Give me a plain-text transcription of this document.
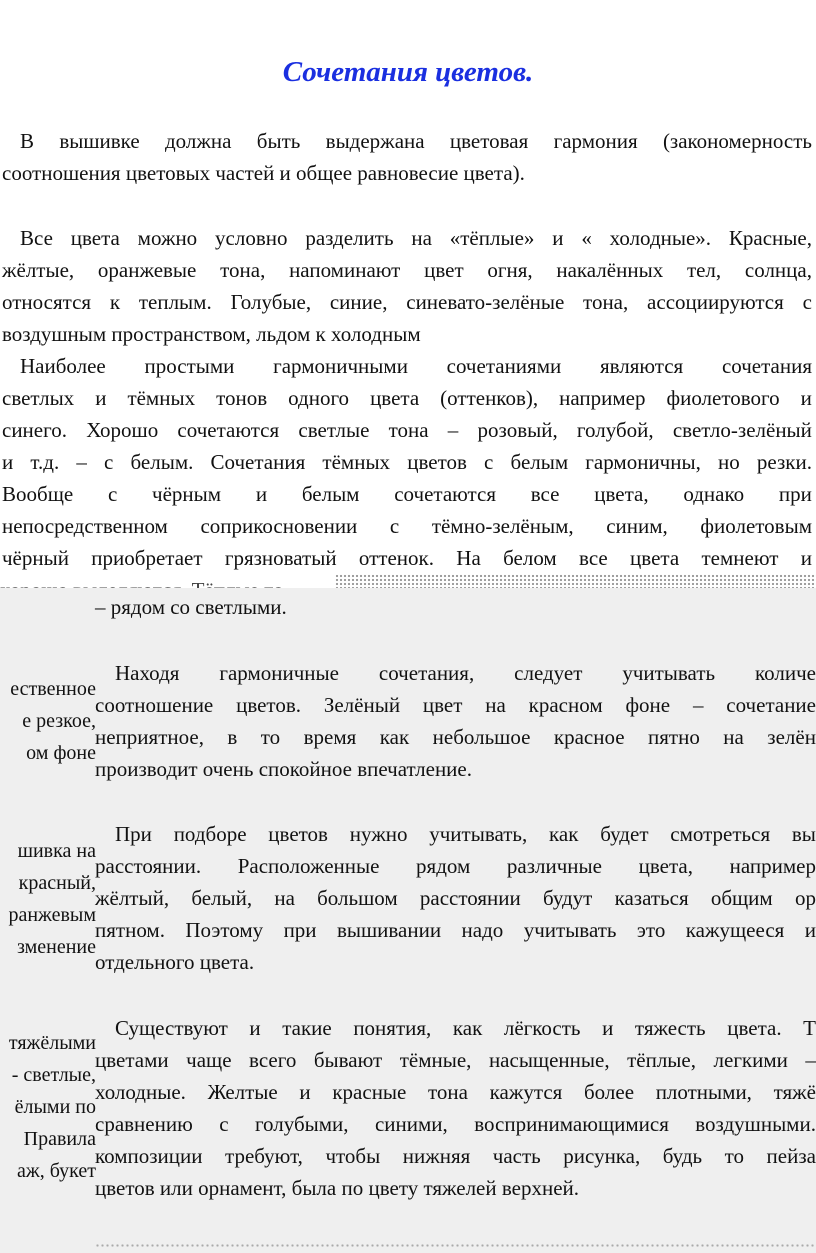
Сочетания цветов.
В вышивке должна быть выдержана цветовая гармония (закономерность
соотношения цветовых частей и общее равновесие цвета).
Все цвета можно условно разделить на «тёплые» и « холодные». Красные,
жёлтые, оранжевые тона, напоминают цвет огня, накалённых тел, солнца,
относятся к теплым. Голубые, синие, синевато-зелёные тона, ассоциируются с
воздушным пространством, льдом к холодным
Наиболее простыми гармоничными сочетаниями являются сочетания
светлых и тёмных тонов одного цвета (оттенков), например фиолетового и
синего. Хорошо сочетаются светлые тона – розовый, голубой, светло-зелёный
и т.д. – с белым. Сочетания тёмных цветов с белым гармоничны, но резки.
Вообще с чёрным и белым сочетаются все цвета, однако при
непосредственном соприкосновении с тёмно-зелёным, синим, фиолетовым
чёрный приобретает грязноватый оттенок. На белом все цвета темнеют и
– рядом со светлыми.
ественное
е резкое,
ом фоне
шивка на
красный,
ранжевым
зменение
тяжёлыми
- светлые,
ёлыми по
Правила
аж, букет
Находя гармоничные сочетания, следует учитывать количе
соотношение цветов. Зелёный цвет на красном фоне – сочетание
неприятное, в то время как небольшое красное пятно на зелён
производит очень спокойное впечатление.
При подборе цветов нужно учитывать, как будет смотреться вы
расстоянии. Расположенные рядом различные цвета, например
жёлтый, белый, на большом расстоянии будут казаться общим ор
пятном. Поэтому при вышивании надо учитывать это кажущееся и
отдельного цвета.
Существуют и такие понятия, как лёгкость и тяжесть цвета. Т
цветами чаще всего бывают тёмные, насыщенные, тёплые, легкими –
холодные. Желтые и красные тона кажутся более плотными, тяжё
сравнению с голубыми, синими, воспринимающимися воздушными.
композиции требуют, чтобы нижняя часть рисунка, будь то пейза
цветов или орнамент, была по цвету тяжелей верхней.
